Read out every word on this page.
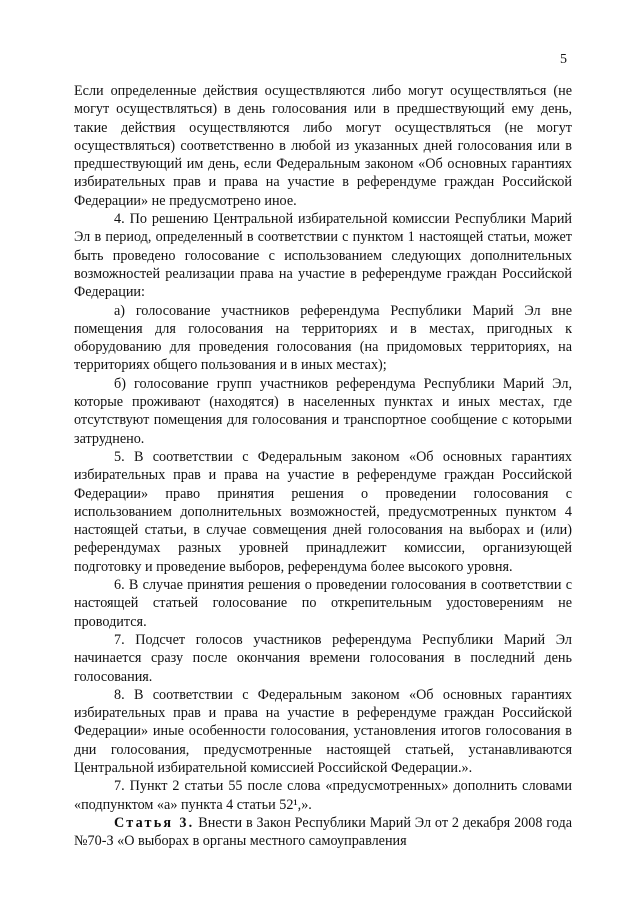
5

Если определенные действия осуществляются либо могут осуществляться (не могут осуществляться) в день голосования или в предшествующий ему день, такие действия осуществляются либо могут осуществляться (не могут осуществляться) соответственно в любой из указанных дней голосования или в предшествующий им день, если Федеральным законом «Об основных гарантиях избирательных прав и права на участие в референдуме граждан Российской Федерации» не предусмотрено иное.

4. По решению Центральной избирательной комиссии Республики Марий Эл в период, определенный в соответствии с пунктом 1 настоящей статьи, может быть проведено голосование с использованием следующих дополнительных возможностей реализации права на участие в референдуме граждан Российской Федерации:

а) голосование участников референдума Республики Марий Эл вне помещения для голосования на территориях и в местах, пригодных к оборудованию для проведения голосования (на придомовых территориях, на территориях общего пользования и в иных местах);

б) голосование групп участников референдума Республики Марий Эл, которые проживают (находятся) в населенных пунктах и иных местах, где отсутствуют помещения для голосования и транспортное сообщение с которыми затруднено.

5. В соответствии с Федеральным законом «Об основных гарантиях избирательных прав и права на участие в референдуме граждан Российской Федерации» право принятия решения о проведении голосования с использованием дополнительных возможностей, предусмотренных пунктом 4 настоящей статьи, в случае совмещения дней голосования на выборах и (или) референдумах разных уровней принадлежит комиссии, организующей подготовку и проведение выборов, референдума более высокого уровня.

6. В случае принятия решения о проведении голосования в соответствии с настоящей статьей голосование по открепительным удостоверениям не проводится.

7. Подсчет голосов участников референдума Республики Марий Эл начинается сразу после окончания времени голосования в последний день голосования.

8. В соответствии с Федеральным законом «Об основных гарантиях избирательных прав и права на участие в референдуме граждан Российской Федерации» иные особенности голосования, установления итогов голосования в дни голосования, предусмотренные настоящей статьей, устанавливаются Центральной избирательной комиссией Российской Федерации.».

7. Пункт 2 статьи 55 после слова «предусмотренных» дополнить словами «подпунктом «а» пункта 4 статьи 52¹,».

Статья 3. Внести в Закон Республики Марий Эл от 2 декабря 2008 года №70-З «О выборах в органы местного самоуправления
